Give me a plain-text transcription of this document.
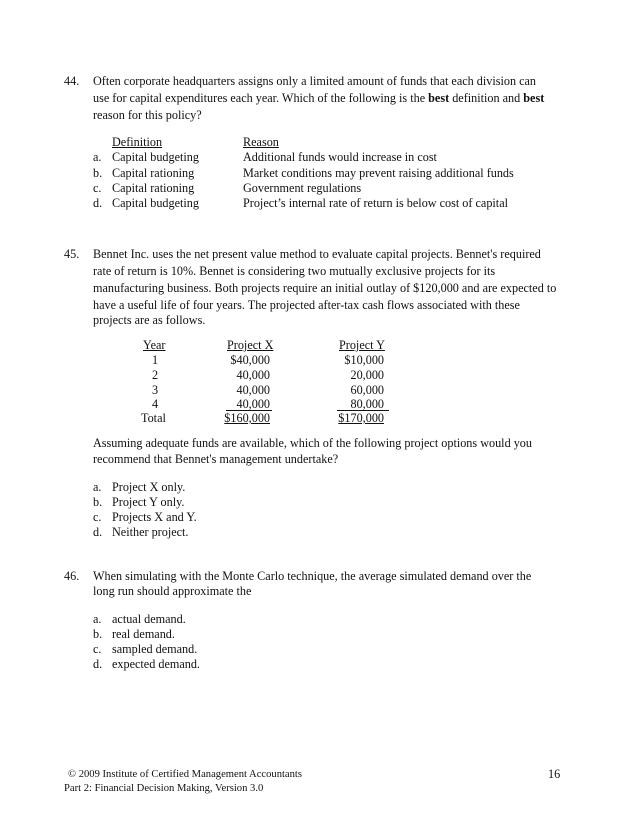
44. Often corporate headquarters assigns only a limited amount of funds that each division can
use for capital expenditures each year. Which of the following is the best definition and best
reason for this policy?
Definition	Reason
a. Capital budgeting	Additional funds would increase in cost
b. Capital rationing	Market conditions may prevent raising additional funds
c. Capital rationing	Government regulations
d. Capital budgeting	Project’s internal rate of return is below cost of capital
45. Bennet Inc. uses the net present value method to evaluate capital projects. Bennet's required
rate of return is 10%. Bennet is considering two mutually exclusive projects for its
manufacturing business. Both projects require an initial outlay of $120,000 and are expected to
have a useful life of four years. The projected after-tax cash flows associated with these
projects are as follows.
Year	Project X	Project Y
1	$40,000	$10,000
2	40,000	20,000
3	40,000	60,000
4	40,000	80,000
Total	$160,000	$170,000
Assuming adequate funds are available, which of the following project options would you
recommend that Bennet's management undertake?
a. Project X only.
b. Project Y only.
c. Projects X and Y.
d. Neither project.
46. When simulating with the Monte Carlo technique, the average simulated demand over the
long run should approximate the
a. actual demand.
b. real demand.
c. sampled demand.
d. expected demand.
© 2009 Institute of Certified Management Accountants
Part 2: Financial Decision Making, Version 3.0
16
